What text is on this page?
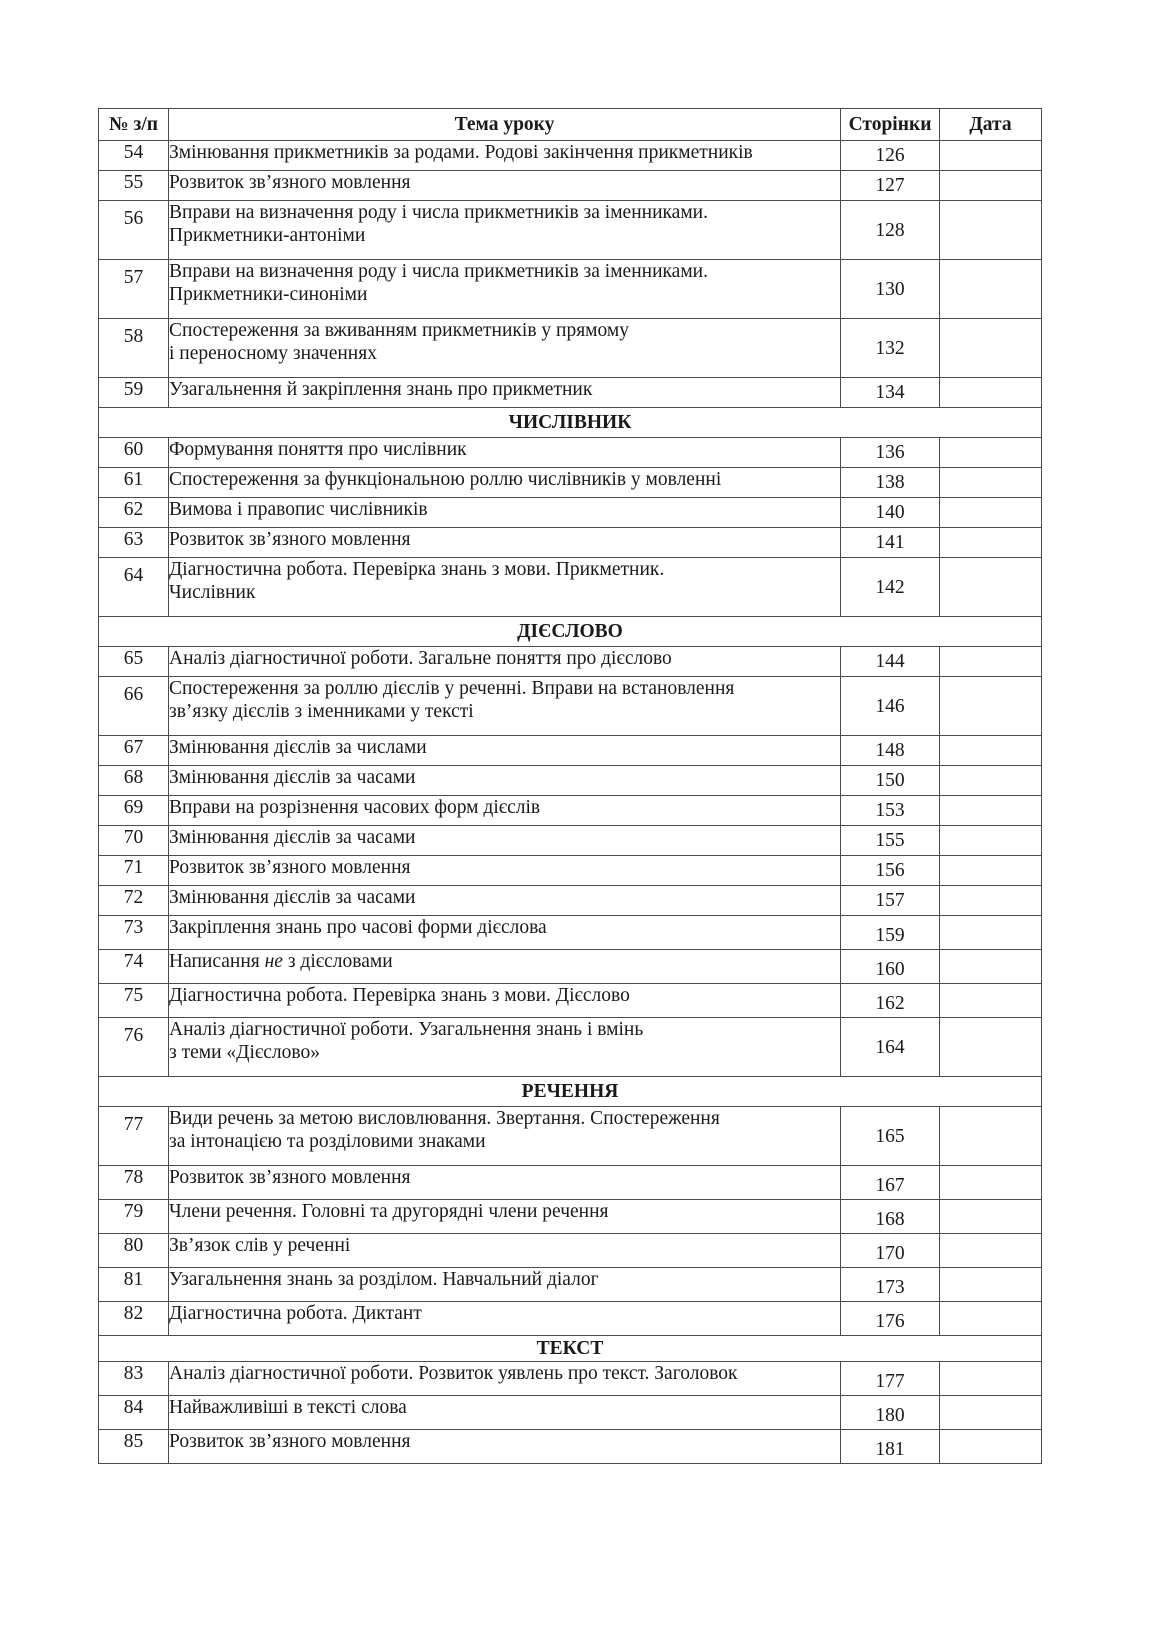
№ з/п	Тема уроку	Сторінки	Дата
54	Змінювання прикметників за родами. Родові закінчення прикметників	126	
55	Розвиток зв’язного мовлення	127	
56	Вправи на визначення роду і числа прикметників за іменниками.
Прикметники-антоніми	128	
57	Вправи на визначення роду і числа прикметників за іменниками.
Прикметники-синоніми	130	
58	Спостереження за вживанням прикметників у прямому
і переносному значеннях	132	
59	Узагальнення й закріплення знань про прикметник	134	
ЧИСЛІВНИК			
60	Формування поняття про числівник	136	
61	Спостереження за функціональною роллю числівників у мовленні	138	
62	Вимова і правопис числівників	140	
63	Розвиток зв’язного мовлення	141	
64	Діагностична робота. Перевірка знань з мови. Прикметник.
Числівник	142	
ДІЄСЛОВО			
65	Аналіз діагностичної роботи. Загальне поняття про дієслово	144	
66	Спостереження за роллю дієслів у реченні. Вправи на встановлення
зв’язку дієслів з іменниками у тексті	146	
67	Змінювання дієслів за числами	148	
68	Змінювання дієслів за часами	150	
69	Вправи на розрізнення часових форм дієслів	153	
70	Змінювання дієслів за часами	155	
71	Розвиток зв’язного мовлення	156	
72	Змінювання дієслів за часами	157	
73	Закріплення знань про часові форми дієслова	159	
74	Написання не з дієсловами	160	
75	Діагностична робота. Перевірка знань з мови. Дієслово	162	
76	Аналіз діагностичної роботи. Узагальнення знань і вмінь
з теми «Дієслово»	164	
РЕЧЕННЯ			
77	Види речень за метою висловлювання. Звертання. Спостереження
за інтонацією та розділовими знаками	165	
78	Розвиток зв’язного мовлення	167	
79	Члени речення. Головні та другорядні члени речення	168	
80	Зв’язок слів у реченні	170	
81	Узагальнення знань за розділом. Навчальний діалог	173	
82	Діагностична робота. Диктант	176	
ТЕКСТ			
83	Аналіз діагностичної роботи. Розвиток уявлень про текст. Заголовок	177	
84	Найважливіші в тексті слова	180	
85	Розвиток зв’язного мовлення	181	
